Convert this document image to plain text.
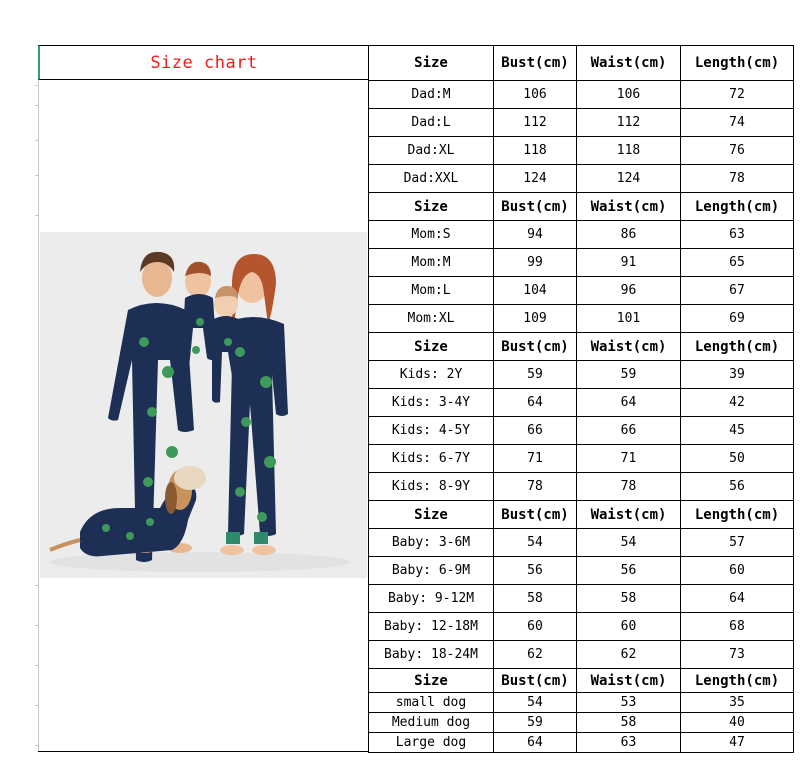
Size chart	Size	Bust(cm)	Waist(cm)	Length(cm)
Dad:M	106	106	72
Dad:L	112	112	74
Dad:XL	118	118	76
Dad:XXL	124	124	78
Size	Bust(cm)	Waist(cm)	Length(cm)
Mom:S	94	86	63
Mom:M	99	91	65
Mom:L	104	96	67
Mom:XL	109	101	69
Size	Bust(cm)	Waist(cm)	Length(cm)
Kids: 2Y	59	59	39
Kids: 3-4Y	64	64	42
Kids: 4-5Y	66	66	45
Kids: 6-7Y	71	71	50
Kids: 8-9Y	78	78	56
Size	Bust(cm)	Waist(cm)	Length(cm)
Baby: 3-6M	54	54	57
Baby: 6-9M	56	56	60
Baby: 9-12M	58	58	64
Baby: 12-18M	60	60	68
Baby: 18-24M	62	62	73
Size	Bust(cm)	Waist(cm)	Length(cm)
small dog	54	53	35
Medium dog	59	58	40
Large dog	64	63	47
